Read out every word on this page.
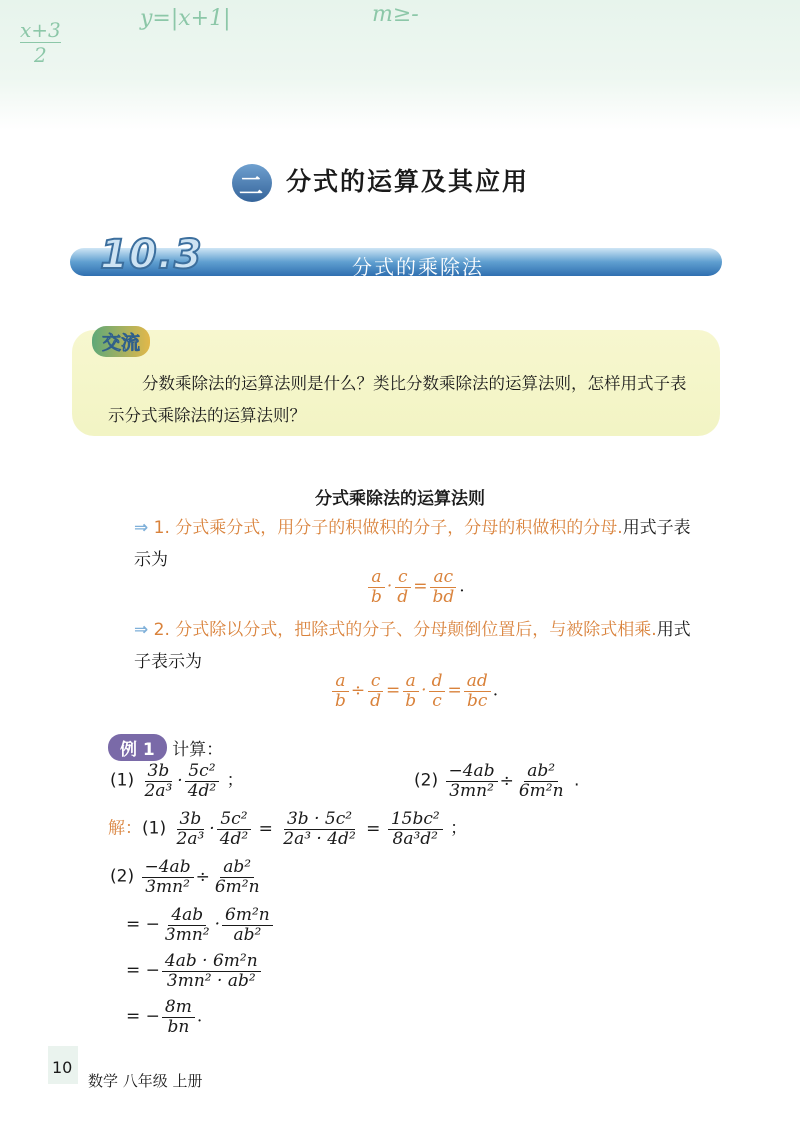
x+3
2
y=|x+1|	m≥-
二 分式的运算及其应用
10.3	分式的乘除法
交流
分数乘除法的运算法则是什么？类比分数乘除法的运算法则，怎样用式子表示分式乘除法的运算法则？
分式乘除法的运算法则
⇒ 1. 分式乘分式，用分子的积做积的分子，分母的积做积的分母.用式子表示为
$\frac{a}{b} \cdot \frac{c}{d} = \frac{ac}{bd}$ .
⇒ 2. 分式除以分式，把除式的分子、分母颠倒位置后，与被除式相乘.用式子表示为
$\frac{a}{b} \div \frac{c}{d} = \frac{a}{b} \cdot \frac{d}{c} = \frac{ad}{bc}$ .
例 1 计算：
$(1) \frac{3b}{\text{2a³}} \cdot \frac{\text{5c²}}{\text{4d²}}$ ；	$(2) \frac{-4ab}{\text{3mn²}} \div \frac{\text{ab²}}{\text{6m²n}}$ .
解：$(1) \frac{3b}{\text{2a³}} \cdot \frac{\text{5c²}}{\text{4d²}} = \frac{\text{3b · 5c²}}{\text{2a³ · 4d²}} = \frac{\text{15bc²}}{\text{8a³d²}}$ ；
$(2) \frac{-4ab}{\text{3mn²}} \div \frac{\text{ab²}}{\text{6m²n}}$
= − $\frac{4ab}{\text{3mn²}} \cdot \frac{\text{6m²n}}{\text{ab²}}$
= − $\frac{\text{4ab · 6m²n}}{\text{3mn² · ab²}}$
= − $\frac{8m}{bn}$ .
10
数学 八年级 上册
